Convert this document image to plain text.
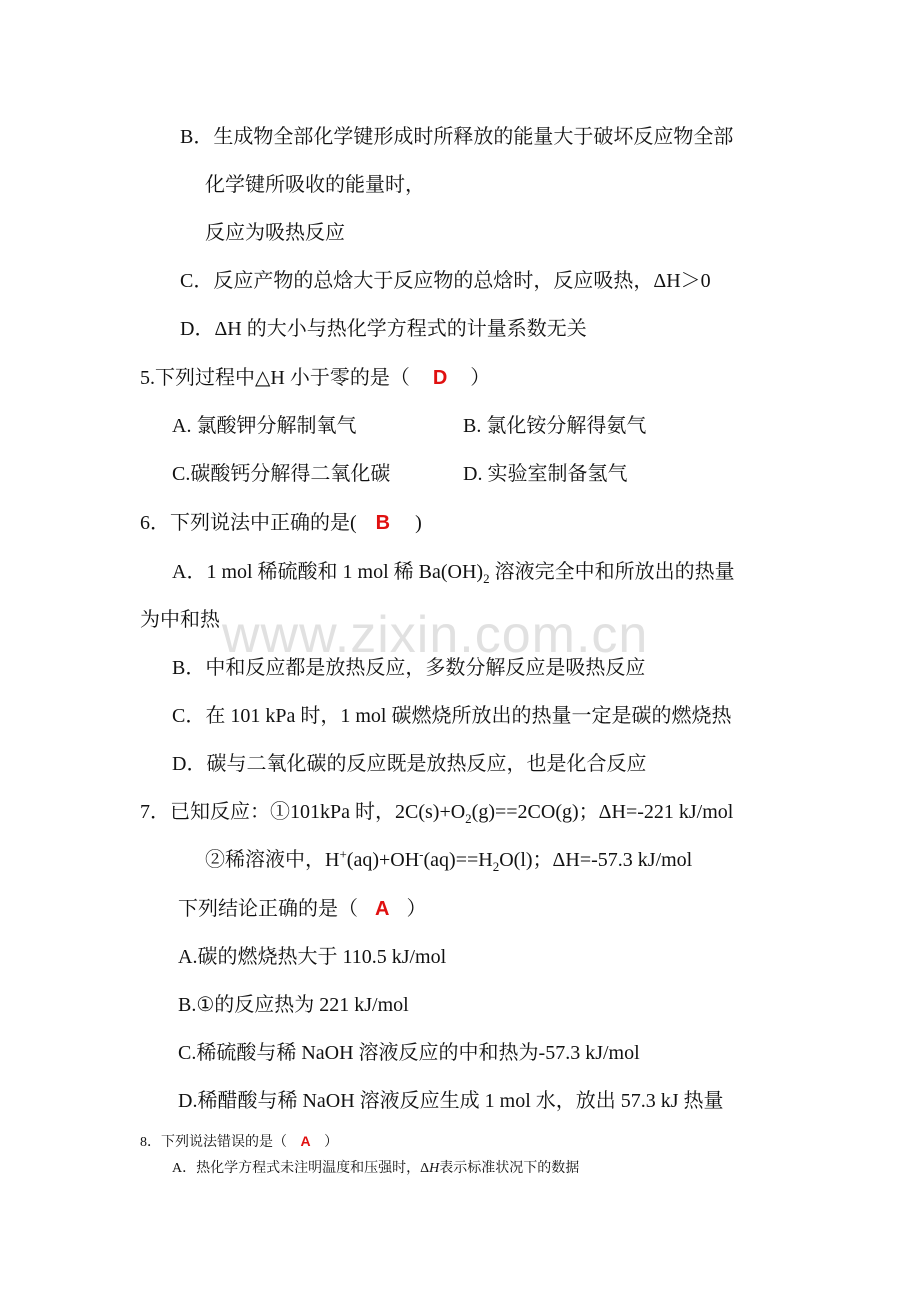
B．生成物全部化学键形成时所释放的能量大于破坏反应物全部
化学键所吸收的能量时，
反应为吸热反应
C．反应产物的总焓大于反应物的总焓时，反应吸热，ΔH＞0
D．ΔH 的大小与热化学方程式的计量系数无关
5.下列过程中△H 小于零的是（ D ）
A. 氯酸钾分解制氧气	B. 氯化铵分解得氨气
C.碳酸钙分解得二氧化碳	D. 实验室制备氢气
6．下列说法中正确的是( B )
A．1 mol 稀硫酸和 1 mol 稀 $Ba(OH)_2$ 溶液完全中和所放出的热量
为中和热
B．中和反应都是放热反应，多数分解反应是吸热反应
C．在 101 kPa 时，1 mol 碳燃烧所放出的热量一定是碳的燃烧热
D．碳与二氧化碳的反应既是放热反应，也是化合反应
7．已知反应：①101kPa 时，$2C(s)+O_2(g)==2CO(g)$；ΔH=-221 kJ/mol
②稀溶液中，$H^+(aq)+OH^-(aq)==H_2O(l)$；ΔH=-57.3 kJ/mol
下列结论正确的是（ A ）
A.碳的燃烧热大于 110.5 kJ/mol
B.①的反应热为 221 kJ/mol
C.稀硫酸与稀 NaOH 溶液反应的中和热为-57.3 kJ/mol
D.稀醋酸与稀 NaOH 溶液反应生成 1 mol 水，放出 57.3 kJ 热量
8．下列说法错误的是（ A ）
A．热化学方程式未注明温度和压强时，ΔH表示标准状况下的数据
www.zixin.com.cn
